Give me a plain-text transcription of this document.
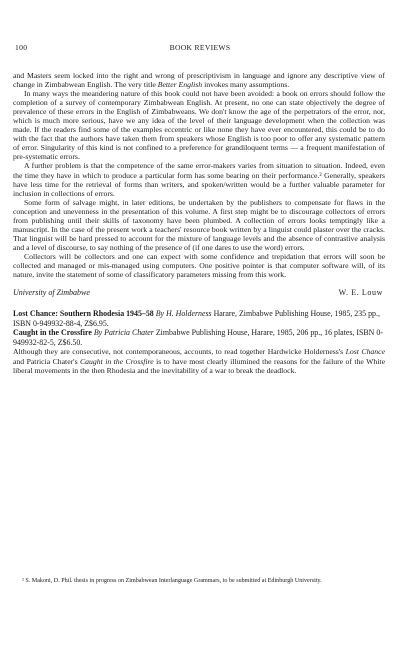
100	BOOK REVIEWS

and Masters seem locked into the right and wrong of prescriptivism in language and ignore any descriptive view of change in Zimbabwean English. The very title Better English invokes many assumptions.

In many ways the meandering nature of this book could not have been avoided: a book on errors should follow the completion of a survey of contemporary Zimbabwean English. At present, no one can state objectively the degree of prevalence of these errors in the English of Zimbabweans. We don't know the age of the perpetrators of the error, nor, which is much more serious, have we any idea of the level of their language development when the collection was made. If the readers find some of the examples eccentric or like none they have ever encountered, this could be to do with the fact that the authors have taken them from speakers whose English is too poor to offer any systematic pattern of error. Singularity of this kind is not confined to a preference for grandiloquent terms — a frequent manifestation of pre-systematic errors.

A further problem is that the competence of the same error-makers varies from situation to situation. Indeed, even the time they have in which to produce a particular form has some bearing on their performance.² Generally, speakers have less time for the retrieval of forms than writers, and spoken/written would be a further valuable parameter for inclusion in collections of errors.

Some form of salvage might, in later editions, be undertaken by the publishers to compensate for flaws in the conception and unevenness in the presentation of this volume. A first step might be to discourage collectors of errors from publishing until their skills of taxonomy have been plumbed. A collection of errors looks temptingly like a manuscript. In the case of the present work a teachers' resource book written by a linguist could plaster over the cracks. That linguist will be hard pressed to account for the mixture of language levels and the absence of contrastive analysis and a level of discourse, to say nothing of the presence of (if one dares to use the word) errors.

Collectors will be collectors and one can expect with some confidence and trepidation that errors will soon be collected and managed or mis-managed using computers. One positive pointer is that computer software will, of its nature, invite the statement of some of classificatory parameters missing from this work.

University of Zimbabwe	W. E. Louw

Lost Chance: Southern Rhodesia 1945–58 By H. Holderness Harare, Zimbabwe Publishing House, 1985, 235 pp., ISBN 0-949932-88-4, Z$6.95.

Caught in the Crossfire By Patricia Chater Zimbabwe Publishing House, Harare, 1985, 206 pp., 16 plates, ISBN 0-949932-82-5, Z$6.50.

Although they are consecutive, not contemporaneous, accounts, to read together Hardwicke Holderness's Lost Chance and Patricia Chater's Caught in the Crossfire is to have most clearly illumined the reasons for the failure of the White liberal movements in the then Rhodesia and the inevitability of a war to break the deadlock.

² S. Makoni, D. Phil. thesis in progress on Zimbabwean Interlanguage Grammars, to be submitted at Edinburgh University.
